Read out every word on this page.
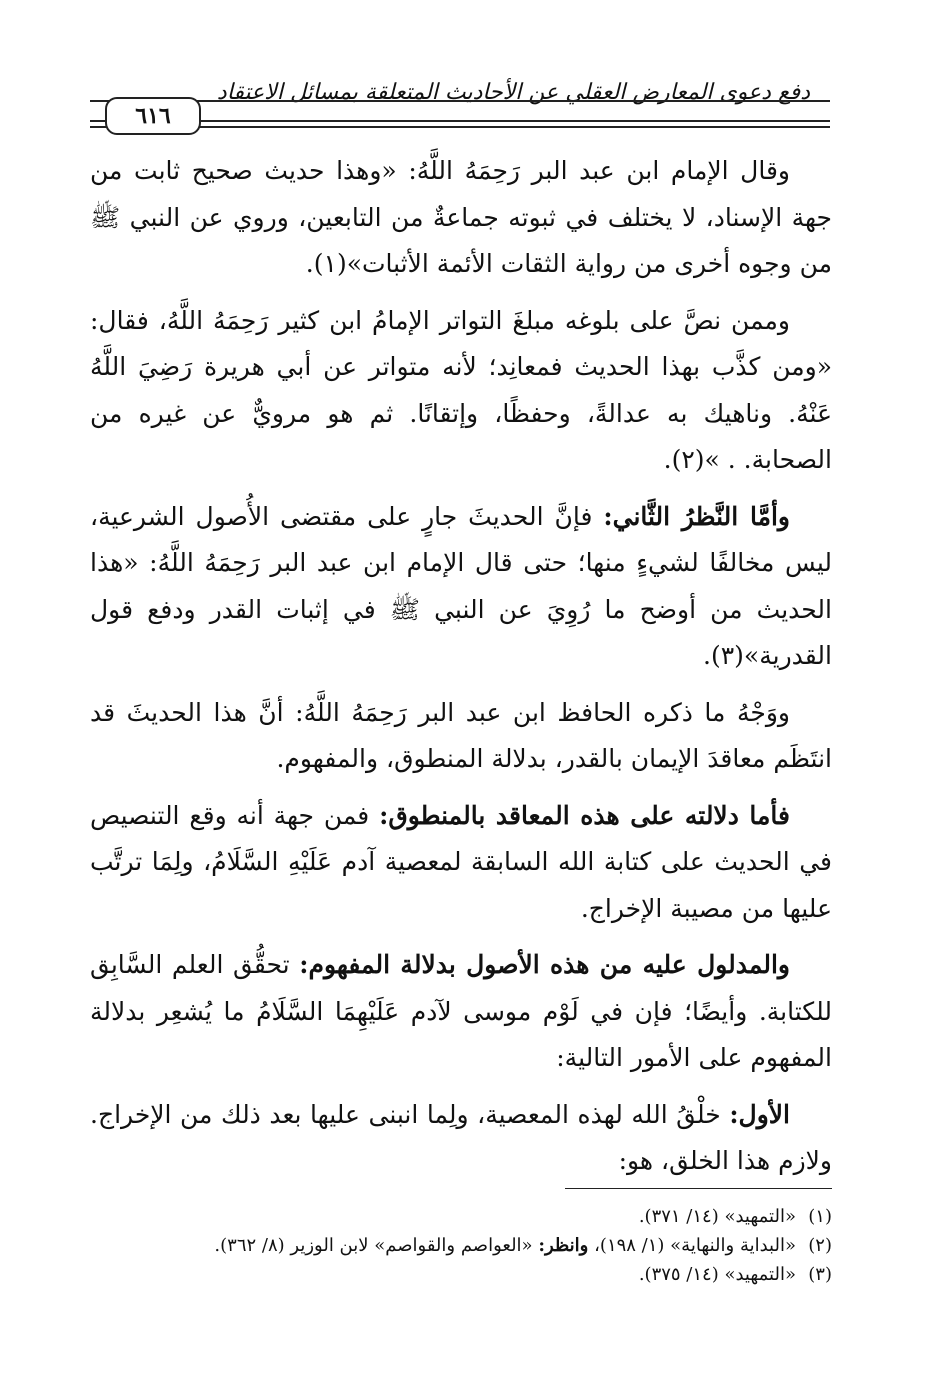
دفع دعوى المعارض العقلي عن الأحاديث المتعلقة بمسائل الاعتقاد
٦١٦

وقال الإمام ابن عبد البر رَحِمَهُ اللَّهُ: «وهذا حديث صحيح ثابت من جهة الإسناد، لا يختلف في ثبوته جماعةٌ من التابعين، وروي عن النبي ﷺ من وجوه أخرى من رواية الثقات الأئمة الأثبات»(١).

وممن نصَّ على بلوغه مبلغَ التواتر الإمامُ ابن كثير رَحِمَهُ اللَّهُ، فقال: «ومن كذَّب بهذا الحديث فمعانِد؛ لأنه متواتر عن أبي هريرة رَضِيَ اللَّهُ عَنْهُ. وناهيك به عدالةً، وحفظًا، وإتقانًا. ثم هو مرويٌّ عن غيره من الصحابة. . »(٢).

وأمَّا النَّظرُ الثَّاني: فإنَّ الحديثَ جارٍ على مقتضى الأُصول الشرعية، ليس مخالفًا لشيءٍ منها؛ حتى قال الإمام ابن عبد البر رَحِمَهُ اللَّهُ: «هذا الحديث من أوضح ما رُوِيَ عن النبي ﷺ في إثبات القدر ودفع قول القدرية»(٣).

ووَجْهُ ما ذكره الحافظ ابن عبد البر رَحِمَهُ اللَّهُ: أنَّ هذا الحديثَ قد انتَظَم معاقدَ الإيمان بالقدر، بدلالة المنطوق، والمفهوم.

فأما دلالته على هذه المعاقد بالمنطوق: فمن جهة أنه وقع التنصيص في الحديث على كتابة الله السابقة لمعصية آدم عَلَيْهِ السَّلَامُ، ولِمَا ترتَّب عليها من مصيبة الإخراج.

والمدلول عليه من هذه الأصول بدلالة المفهوم: تحقُّق العلم السَّابِق للكتابة. وأيضًا؛ فإن في لَوْم موسى لآدم عَلَيْهِمَا السَّلَامُ ما يُشعِر بدلالة المفهوم على الأمور التالية:

الأول: خلْقُ الله لهذه المعصية، ولِما انبنى عليها بعد ذلك من الإخراج. ولازم هذا الخلق، هو:

(١)«التمهيد» (١٤/ ٣٧١).
(٢)«البداية والنهاية» (١/ ١٩٨)، وانظر: «العواصم والقواصم» لابن الوزير (٨/ ٣٦٢).
(٣)«التمهيد» (١٤/ ٣٧٥).
